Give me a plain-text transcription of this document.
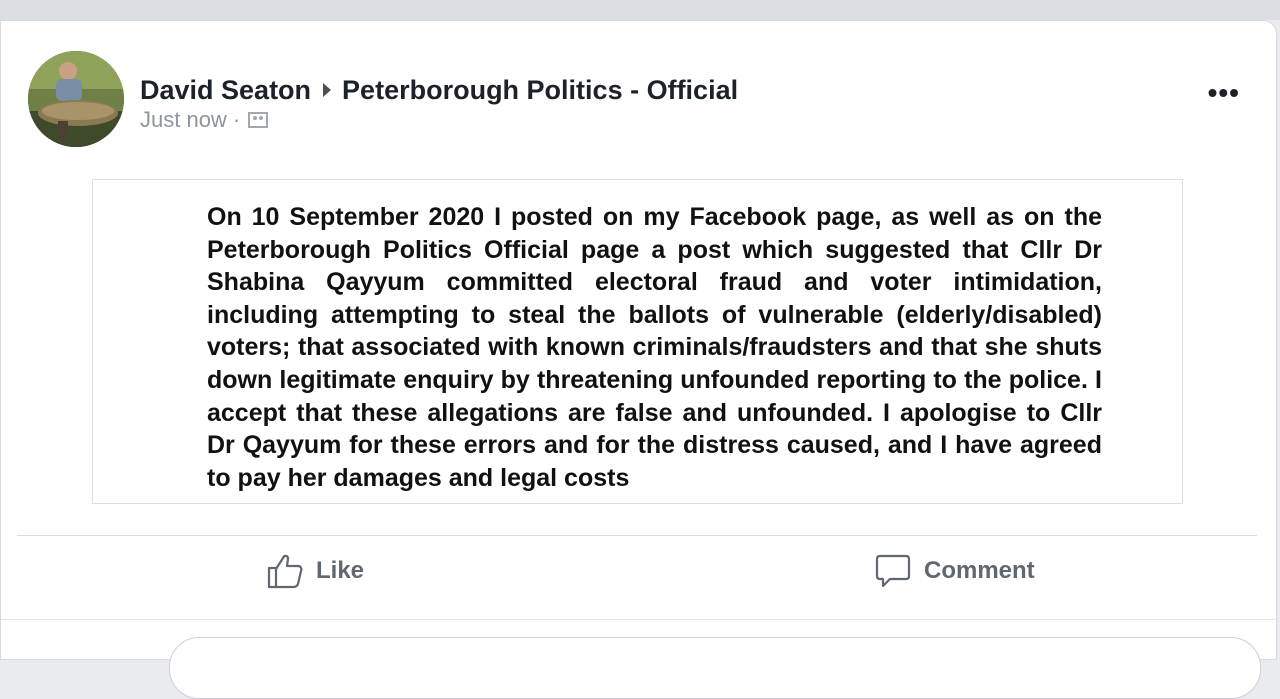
David Seaton Peterborough Politics - Official
Just now ·
•••

On 10 September 2020 I posted on my Facebook page, as well as on the Peterborough Politics Official page a post which suggested that Cllr Dr Shabina Qayyum committed electoral fraud and voter intimidation, including attempting to steal the ballots of vulnerable (elderly/disabled) voters; that associated with known criminals/fraudsters and that she shuts down legitimate enquiry by threatening unfounded reporting to the police. I accept that these allegations are false and unfounded. I apologise to Cllr Dr Qayyum for these errors and for the distress caused, and I have agreed to pay her damages and legal costs

Like	Comment
